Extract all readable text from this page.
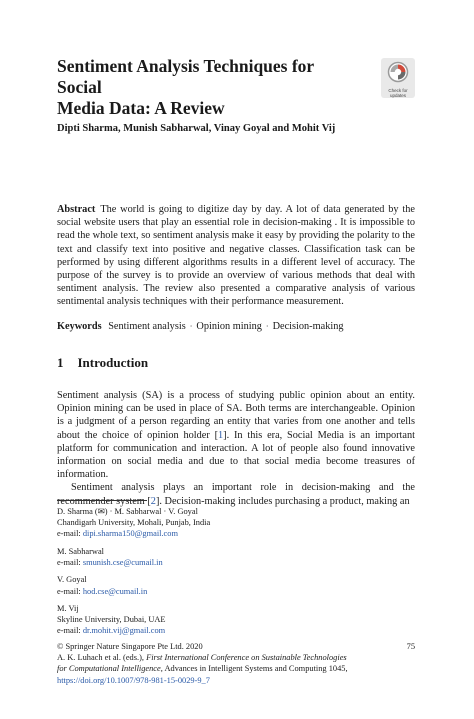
Sentiment Analysis Techniques for Social
Media Data: A Review
Check for
updates
Dipti Sharma, Munish Sabharwal, Vinay Goyal and Mohit Vij
Abstract The world is going to digitize day by day. A lot of data generated by the social website users that play an essential role in decision-making . It is impossible to read the whole text, so sentiment analysis make it easy by providing the polarity to the text and classify text into positive and negative classes. Classification task can be performed by using different algorithms results in a different level of accuracy. The purpose of the survey is to provide an overview of various methods that deal with sentiment analysis. The review also presented a comparative analysis of various sentimental analysis techniques with their performance measurement.
Keywords Sentiment analysis · Opinion mining · Decision-making
1 Introduction

Sentiment analysis (SA) is a process of studying public opinion about an entity. Opinion mining can be used in place of SA. Both terms are interchangeable. Opinion is a judgment of a person regarding an entity that varies from one another and tells about the choice of opinion holder [1]. In this era, Social Media is an important platform for communication and interaction. A lot of people also found innovative information on social media and due to that social media become treasures of information.

Sentiment analysis plays an important role in decision-making and the recommender system [2]. Decision-making includes purchasing a product, making an

D. Sharma (✉) · M. Sabharwal · V. Goyal
Chandigarh University, Mohali, Punjab, India
e-mail: dipi.sharma150@gmail.com
M. Sabharwal
e-mail: smunish.cse@cumail.in
V. Goyal
e-mail: hod.cse@cumail.in
M. Vij
Skyline University, Dubai, UAE
e-mail: dr.mohit.vij@gmail.com
© Springer Nature Singapore Pte Ltd. 2020	75
A. K. Luhach et al. (eds.), First International Conference on Sustainable Technologies
for Computational Intelligence, Advances in Intelligent Systems and Computing 1045,
https://doi.org/10.1007/978-981-15-0029-9_7
